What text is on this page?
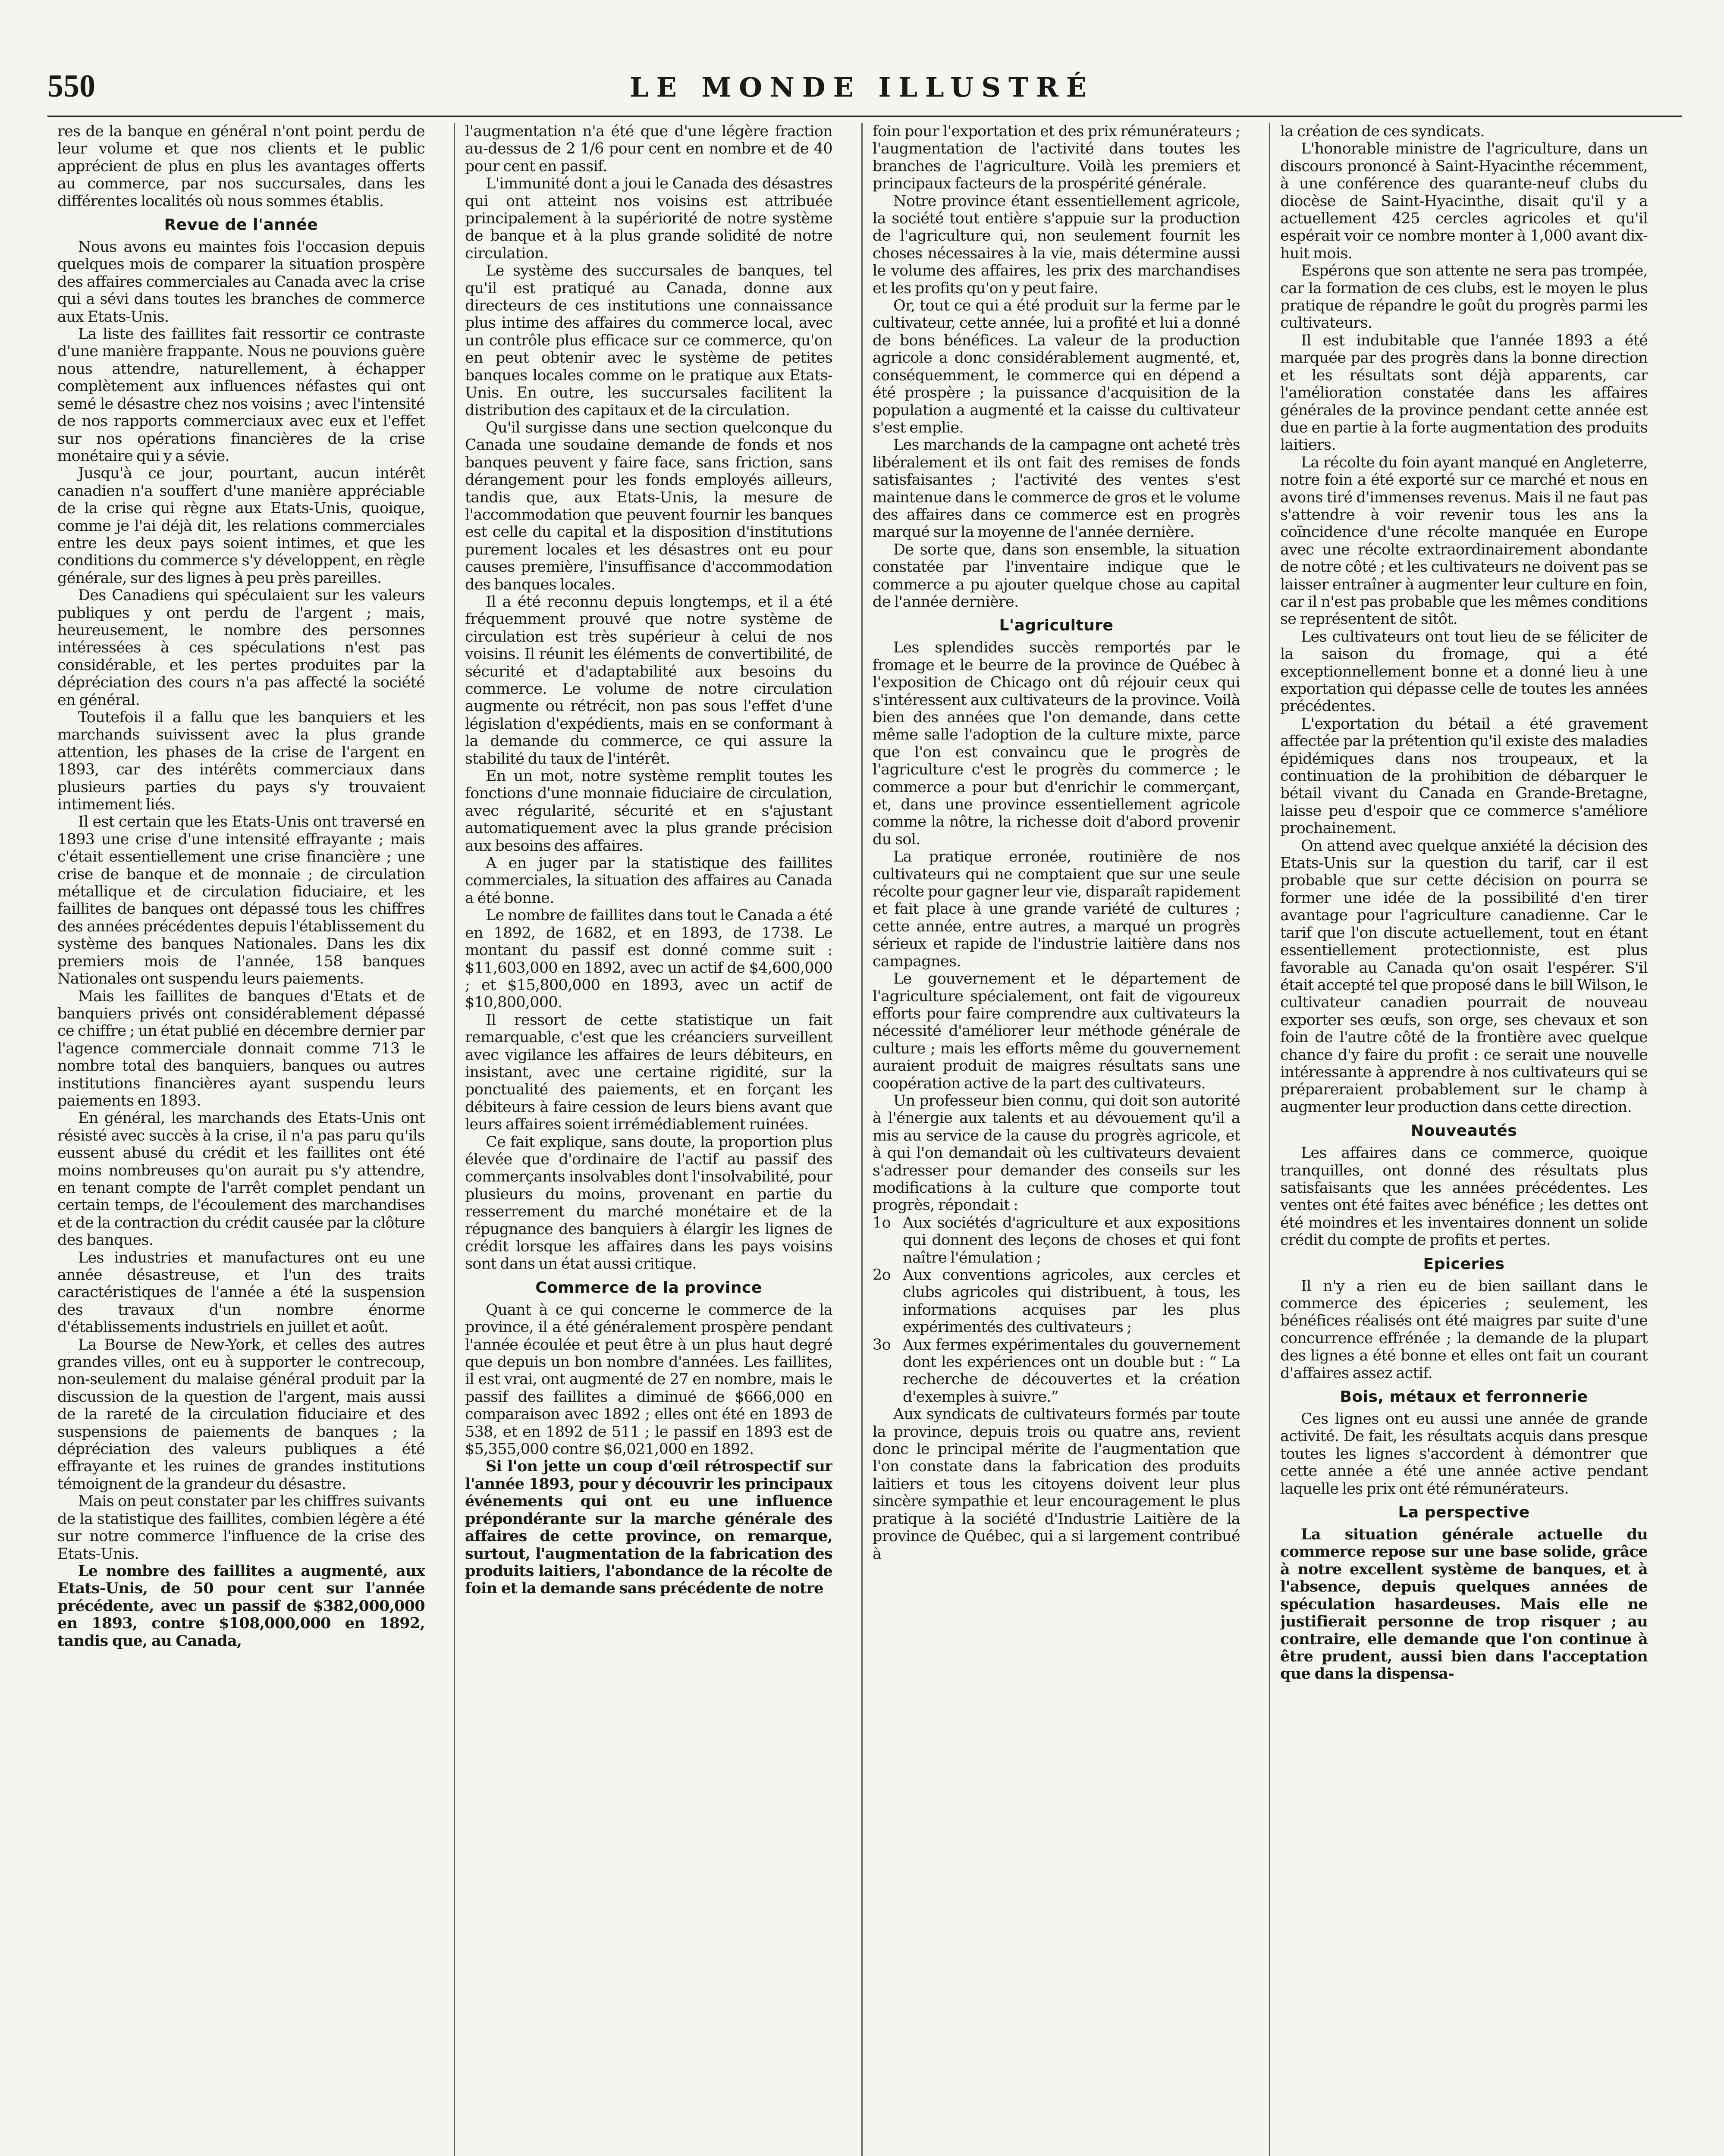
550	LE MONDE ILLUSTRÉ

res de la banque en général n'ont point perdu de leur volume et que nos clients et le public apprécient de plus en plus les avantages offerts au commerce, par nos succursales, dans les différentes localités où nous sommes établis.

Revue de l'année

Nous avons eu maintes fois l'occasion depuis quelques mois de comparer la situation prospère des affaires commerciales au Canada avec la crise qui a sévi dans toutes les branches de commerce aux Etats-Unis.

La liste des faillites fait ressortir ce contraste d'une manière frappante. Nous ne pouvions guère nous attendre, naturellement, à échapper complètement aux influences néfastes qui ont semé le désastre chez nos voisins ; avec l'intensité de nos rapports commerciaux avec eux et l'effet sur nos opérations financières de la crise monétaire qui y a sévie.

Jusqu'à ce jour, pourtant, aucun intérêt canadien n'a souffert d'une manière appréciable de la crise qui règne aux Etats-Unis, quoique, comme je l'ai déjà dit, les relations commerciales entre les deux pays soient intimes, et que les conditions du commerce s'y développent, en règle générale, sur des lignes à peu près pareilles.

Des Canadiens qui spéculaient sur les valeurs publiques y ont perdu de l'argent ; mais, heureusement, le nombre des personnes intéressées à ces spéculations n'est pas considérable, et les pertes produites par la dépréciation des cours n'a pas affecté la société en général.

Toutefois il a fallu que les banquiers et les marchands suivissent avec la plus grande attention, les phases de la crise de l'argent en 1893, car des intérêts commerciaux dans plusieurs parties du pays s'y trouvaient intimement liés.

Il est certain que les Etats-Unis ont traversé en 1893 une crise d'une intensité effrayante ; mais c'était essentiellement une crise financière ; une crise de banque et de monnaie ; de circulation métallique et de circulation fiduciaire, et les faillites de banques ont dépassé tous les chiffres des années précédentes depuis l'établissement du système des banques Nationales. Dans les dix premiers mois de l'année, 158 banques Nationales ont suspendu leurs paiements.

Mais les faillites de banques d'Etats et de banquiers privés ont considérablement dépassé ce chiffre ; un état publié en décembre dernier par l'agence commerciale donnait comme 713 le nombre total des banquiers, banques ou autres institutions financières ayant suspendu leurs paiements en 1893.

En général, les marchands des Etats-Unis ont résisté avec succès à la crise, il n'a pas paru qu'ils eussent abusé du crédit et les faillites ont été moins nombreuses qu'on aurait pu s'y attendre, en tenant compte de l'arrêt complet pendant un certain temps, de l'écoulement des marchandises et de la contraction du crédit causée par la clôture des banques.

Les industries et manufactures ont eu une année désastreuse, et l'un des traits caractéristiques de l'année a été la suspension des travaux d'un nombre énorme d'établissements industriels en juillet et août.

La Bourse de New-York, et celles des autres grandes villes, ont eu à supporter le contrecoup, non-seulement du malaise général produit par la discussion de la question de l'argent, mais aussi de la rareté de la circulation fiduciaire et des suspensions de paiements de banques ; la dépréciation des valeurs publiques a été effrayante et les ruines de grandes institutions témoignent de la grandeur du désastre.

Mais on peut constater par les chiffres suivants de la statistique des faillites, combien légère a été sur notre commerce l'influence de la crise des Etats-Unis.

Le nombre des faillites a augmenté, aux Etats-Unis, de 50 pour cent sur l'année précédente, avec un passif de $382,000,000 en 1893, contre $108,000,000 en 1892, tandis que, au Canada,

l'augmentation n'a été que d'une légère fraction au-dessus de 2 1/6 pour cent en nombre et de 40 pour cent en passif.

L'immunité dont a joui le Canada des désastres qui ont atteint nos voisins est attribuée principalement à la supériorité de notre système de banque et à la plus grande solidité de notre circulation.

Le système des succursales de banques, tel qu'il est pratiqué au Canada, donne aux directeurs de ces institutions une connaissance plus intime des affaires du commerce local, avec un contrôle plus efficace sur ce commerce, qu'on en peut obtenir avec le système de petites banques locales comme on le pratique aux Etats-Unis. En outre, les succursales facilitent la distribution des capitaux et de la circulation.

Qu'il surgisse dans une section quelconque du Canada une soudaine demande de fonds et nos banques peuvent y faire face, sans friction, sans dérangement pour les fonds employés ailleurs, tandis que, aux Etats-Unis, la mesure de l'accommodation que peuvent fournir les banques est celle du capital et la disposition d'institutions purement locales et les désastres ont eu pour causes première, l'insuffisance d'accommodation des banques locales.

Il a été reconnu depuis longtemps, et il a été fréquemment prouvé que notre système de circulation est très supérieur à celui de nos voisins. Il réunit les éléments de convertibilité, de sécurité et d'adaptabilité aux besoins du commerce. Le volume de notre circulation augmente ou rétrécit, non pas sous l'effet d'une législation d'expédients, mais en se conformant à la demande du commerce, ce qui assure la stabilité du taux de l'intérêt.

En un mot, notre système remplit toutes les fonctions d'une monnaie fiduciaire de circulation, avec régularité, sécurité et en s'ajustant automatiquement avec la plus grande précision aux besoins des affaires.

A en juger par la statistique des faillites commerciales, la situation des affaires au Canada a été bonne.

Le nombre de faillites dans tout le Canada a été en 1892, de 1682, et en 1893, de 1738. Le montant du passif est donné comme suit : $11,603,000 en 1892, avec un actif de $4,600,000 ; et $15,800,000 en 1893, avec un actif de $10,800,000.

Il ressort de cette statistique un fait remarquable, c'est que les créanciers surveillent avec vigilance les affaires de leurs débiteurs, en insistant, avec une certaine rigidité, sur la ponctualité des paiements, et en forçant les débiteurs à faire cession de leurs biens avant que leurs affaires soient irrémédiablement ruinées.

Ce fait explique, sans doute, la proportion plus élevée que d'ordinaire de l'actif au passif des commerçants insolvables dont l'insolvabilité, pour plusieurs du moins, provenant en partie du resserrement du marché monétaire et de la répugnance des banquiers à élargir les lignes de crédit lorsque les affaires dans les pays voisins sont dans un état aussi critique.

Commerce de la province

Quant à ce qui concerne le commerce de la province, il a été généralement prospère pendant l'année écoulée et peut être à un plus haut degré que depuis un bon nombre d'années. Les faillites, il est vrai, ont augmenté de 27 en nombre, mais le passif des faillites a diminué de $666,000 en comparaison avec 1892 ; elles ont été en 1893 de 538, et en 1892 de 511 ; le passif en 1893 est de $5,355,000 contre $6,021,000 en 1892.

Si l'on jette un coup d'œil rétrospectif sur l'année 1893, pour y découvrir les principaux événements qui ont eu une influence prépondérante sur la marche générale des affaires de cette province, on remarque, surtout, l'augmentation de la fabrication des produits laitiers, l'abondance de la récolte de foin et la demande sans précédente de notre

foin pour l'exportation et des prix rémunérateurs ; l'augmentation de l'activité dans toutes les branches de l'agriculture. Voilà les premiers et principaux facteurs de la prospérité générale.

Notre province étant essentiellement agricole, la société tout entière s'appuie sur la production de l'agriculture qui, non seulement fournit les choses nécessaires à la vie, mais détermine aussi le volume des affaires, les prix des marchandises et les profits qu'on y peut faire.

Or, tout ce qui a été produit sur la ferme par le cultivateur, cette année, lui a profité et lui a donné de bons bénéfices. La valeur de la production agricole a donc considérablement augmenté, et, conséquemment, le commerce qui en dépend a été prospère ; la puissance d'acquisition de la population a augmenté et la caisse du cultivateur s'est emplie.

Les marchands de la campagne ont acheté très libéralement et ils ont fait des remises de fonds satisfaisantes ; l'activité des ventes s'est maintenue dans le commerce de gros et le volume des affaires dans ce commerce est en progrès marqué sur la moyenne de l'année dernière.

De sorte que, dans son ensemble, la situation constatée par l'inventaire indique que le commerce a pu ajouter quelque chose au capital de l'année dernière.

L'agriculture

Les splendides succès remportés par le fromage et le beurre de la province de Québec à l'exposition de Chicago ont dû réjouir ceux qui s'intéressent aux cultivateurs de la province. Voilà bien des années que l'on demande, dans cette même salle l'adoption de la culture mixte, parce que l'on est convaincu que le progrès de l'agriculture c'est le progrès du commerce ; le commerce a pour but d'enrichir le commerçant, et, dans une province essentiellement agricole comme la nôtre, la richesse doit d'abord provenir du sol.

La pratique erronée, routinière de nos cultivateurs qui ne comptaient que sur une seule récolte pour gagner leur vie, disparaît rapidement et fait place à une grande variété de cultures ; cette année, entre autres, a marqué un progrès sérieux et rapide de l'industrie laitière dans nos campagnes.

Le gouvernement et le département de l'agriculture spécialement, ont fait de vigoureux efforts pour faire comprendre aux cultivateurs la nécessité d'améliorer leur méthode générale de culture ; mais les efforts même du gouvernement auraient produit de maigres résultats sans une coopération active de la part des cultivateurs.

Un professeur bien connu, qui doit son autorité à l'énergie aux talents et au dévouement qu'il a mis au service de la cause du progrès agricole, et à qui l'on demandait où les cultivateurs devaient s'adresser pour demander des conseils sur les modifications à la culture que comporte tout progrès, répondait :

1o Aux sociétés d'agriculture et aux expositions qui donnent des leçons de choses et qui font naître l'émulation ;

2o Aux conventions agricoles, aux cercles et clubs agricoles qui distribuent, à tous, les informations acquises par les plus expérimentés des cultivateurs ;

3o Aux fermes expérimentales du gouvernement dont les expériences ont un double but : “ La recherche de découvertes et la création d'exemples à suivre.”

Aux syndicats de cultivateurs formés par toute la province, depuis trois ou quatre ans, revient donc le principal mérite de l'augmentation que l'on constate dans la fabrication des produits laitiers et tous les citoyens doivent leur plus sincère sympathie et leur encouragement le plus pratique à la société d'Industrie Laitière de la province de Québec, qui a si largement contribué à

la création de ces syndicats.

L'honorable ministre de l'agriculture, dans un discours prononcé à Saint-Hyacinthe récemment, à une conférence des quarante-neuf clubs du diocèse de Saint-Hyacinthe, disait qu'il y a actuellement 425 cercles agricoles et qu'il espérait voir ce nombre monter à 1,000 avant dix-huit mois.

Espérons que son attente ne sera pas trompée, car la formation de ces clubs, est le moyen le plus pratique de répandre le goût du progrès parmi les cultivateurs.

Il est indubitable que l'année 1893 a été marquée par des progrès dans la bonne direction et les résultats sont déjà apparents, car l'amélioration constatée dans les affaires générales de la province pendant cette année est due en partie à la forte augmentation des produits laitiers.

La récolte du foin ayant manqué en Angleterre, notre foin a été exporté sur ce marché et nous en avons tiré d'immenses revenus. Mais il ne faut pas s'attendre à voir revenir tous les ans la coïncidence d'une récolte manquée en Europe avec une récolte extraordinairement abondante de notre côté ; et les cultivateurs ne doivent pas se laisser entraîner à augmenter leur culture en foin, car il n'est pas probable que les mêmes conditions se représentent de sitôt.

Les cultivateurs ont tout lieu de se féliciter de la saison du fromage, qui a été exceptionnellement bonne et a donné lieu à une exportation qui dépasse celle de toutes les années précédentes.

L'exportation du bétail a été gravement affectée par la prétention qu'il existe des maladies épidémiques dans nos troupeaux, et la continuation de la prohibition de débarquer le bétail vivant du Canada en Grande-Bretagne, laisse peu d'espoir que ce commerce s'améliore prochainement.

On attend avec quelque anxiété la décision des Etats-Unis sur la question du tarif, car il est probable que sur cette décision on pourra se former une idée de la possibilité d'en tirer avantage pour l'agriculture canadienne. Car le tarif que l'on discute actuellement, tout en étant essentiellement protectionniste, est plus favorable au Canada qu'on osait l'espérer. S'il était accepté tel que proposé dans le bill Wilson, le cultivateur canadien pourrait de nouveau exporter ses œufs, son orge, ses chevaux et son foin de l'autre côté de la frontière avec quelque chance d'y faire du profit : ce serait une nouvelle intéressante à apprendre à nos cultivateurs qui se prépareraient probablement sur le champ à augmenter leur production dans cette direction.

Nouveautés

Les affaires dans ce commerce, quoique tranquilles, ont donné des résultats plus satisfaisants que les années précédentes. Les ventes ont été faites avec bénéfice ; les dettes ont été moindres et les inventaires donnent un solide crédit du compte de profits et pertes.

Epiceries

Il n'y a rien eu de bien saillant dans le commerce des épiceries ; seulement, les bénéfices réalisés ont été maigres par suite d'une concurrence effrénée ; la demande de la plupart des lignes a été bonne et elles ont fait un courant d'affaires assez actif.

Bois, métaux et ferronnerie

Ces lignes ont eu aussi une année de grande activité. De fait, les résultats acquis dans presque toutes les lignes s'accordent à démontrer que cette année a été une année active pendant laquelle les prix ont été rémunérateurs.

La perspective

La situation générale actuelle du commerce repose sur une base solide, grâce à notre excellent système de banques, et à l'absence, depuis quelques années de spéculation hasardeuses. Mais elle ne justifierait personne de trop risquer ; au contraire, elle demande que l'on continue à être prudent, aussi bien dans l'acceptation que dans la dispensa-
